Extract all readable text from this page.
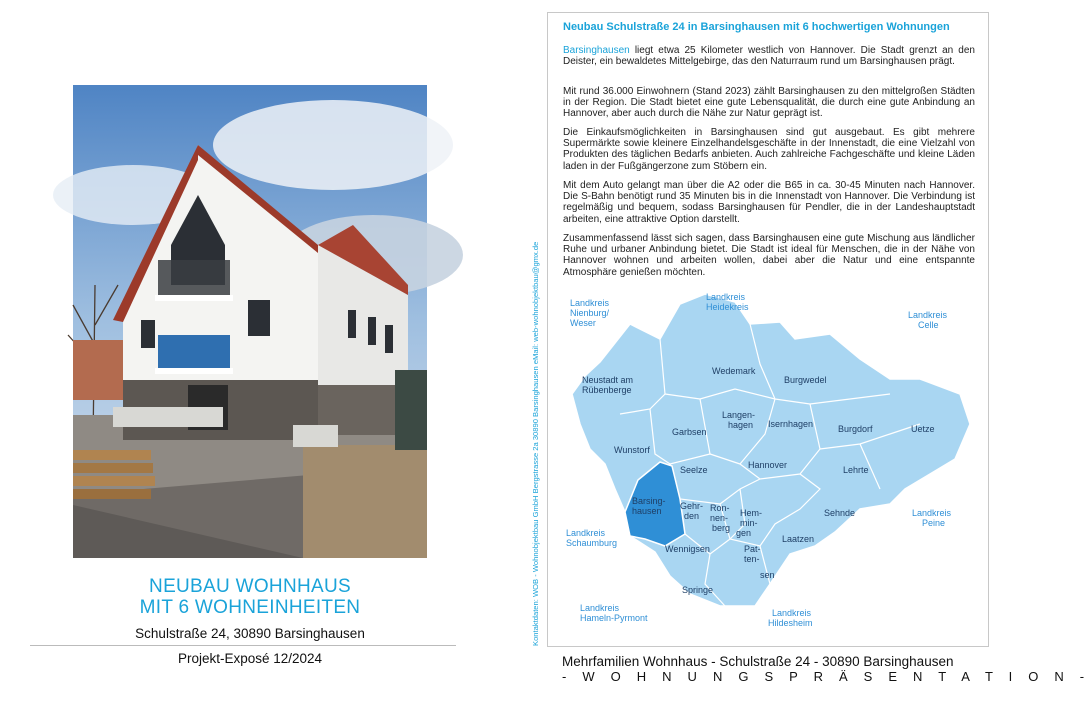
NEUBAU WOHNHAUS
MIT 6 WOHNEINHEITEN
Schulstraße 24, 30890 Barsinghausen
Projekt-Exposé 12/2024
Kontaktdaten: WOB - Wohnobjektbau GmbH Bergstrasse 2a 30890 Barsinghausen eMail: web-wohnobjektbau@gmx.de
Neubau Schulstraße 24 in Barsinghausen mit 6 hochwertigen Wohnungen

Barsinghausen liegt etwa 25 Kilometer westlich von Hannover. Die Stadt grenzt an den Deister, ein bewaldetes Mittelgebirge, das den Naturraum rund um Barsinghausen prägt.

Mit rund 36.000 Einwohnern (Stand 2023) zählt Barsinghausen zu den mittelgroßen Städten in der Region. Die Stadt bietet eine gute Lebensqualität, die durch eine gute Anbindung an Hannover, aber auch durch die Nähe zur Natur geprägt ist.

Die Einkaufsmöglichkeiten in Barsinghausen sind gut ausgebaut. Es gibt mehrere Supermärkte sowie kleinere Einzelhandelsgeschäfte in der Innenstadt, die eine Vielzahl von Produkten des täglichen Bedarfs anbieten. Auch zahlreiche Fachgeschäfte und kleine Läden laden in der Fußgängerzone zum Stöbern ein.

Mit dem Auto gelangt man über die A2 oder die B65 in ca. 30-45 Minuten nach Hannover. Die S-Bahn benötigt rund 35 Minuten bis in die Innenstadt von Hannover. Die Verbindung ist regelmäßig und bequem, sodass Barsinghausen für Pendler, die in der Landeshauptstadt arbeiten, eine attraktive Option darstellt.

Zusammenfassend lässt sich sagen, dass Barsinghausen eine gute Mischung aus ländlicher Ruhe und urbaner Anbindung bietet. Die Stadt ist ideal für Menschen, die in der Nähe von Hannover wohnen und arbeiten wollen, dabei aber die Natur und eine entspannte Atmosphäre genießen möchten.

Landkreis
Nienburg/
Weser
Landkreis
Heidekreis
Landkreis
Celle
Landkreis
Peine
Landkreis
Schaumburg
Landkreis
Hameln-Pyrmont	Landkreis
Hildesheim
Neustadt am
Rübenberge
Wedemark
Burgwedel
Garbsen
Langen-
hagen Isernhagen	Burgdorf	Uetze
Wunstorf
Seelze	Hannover	Lehrte
Barsing-
hausen Gehr-
den
Ron-
nen-
berg
Hem-
min-
gen
Sehnde
Wennigsen
Laatzen
Pat-
ten-
sen
Springe
Mehrfamilien Wohnhaus - Schulstraße 24 - 30890 Barsinghausen
- W O H N U N G S P R Ä S E N T A T I O N -
